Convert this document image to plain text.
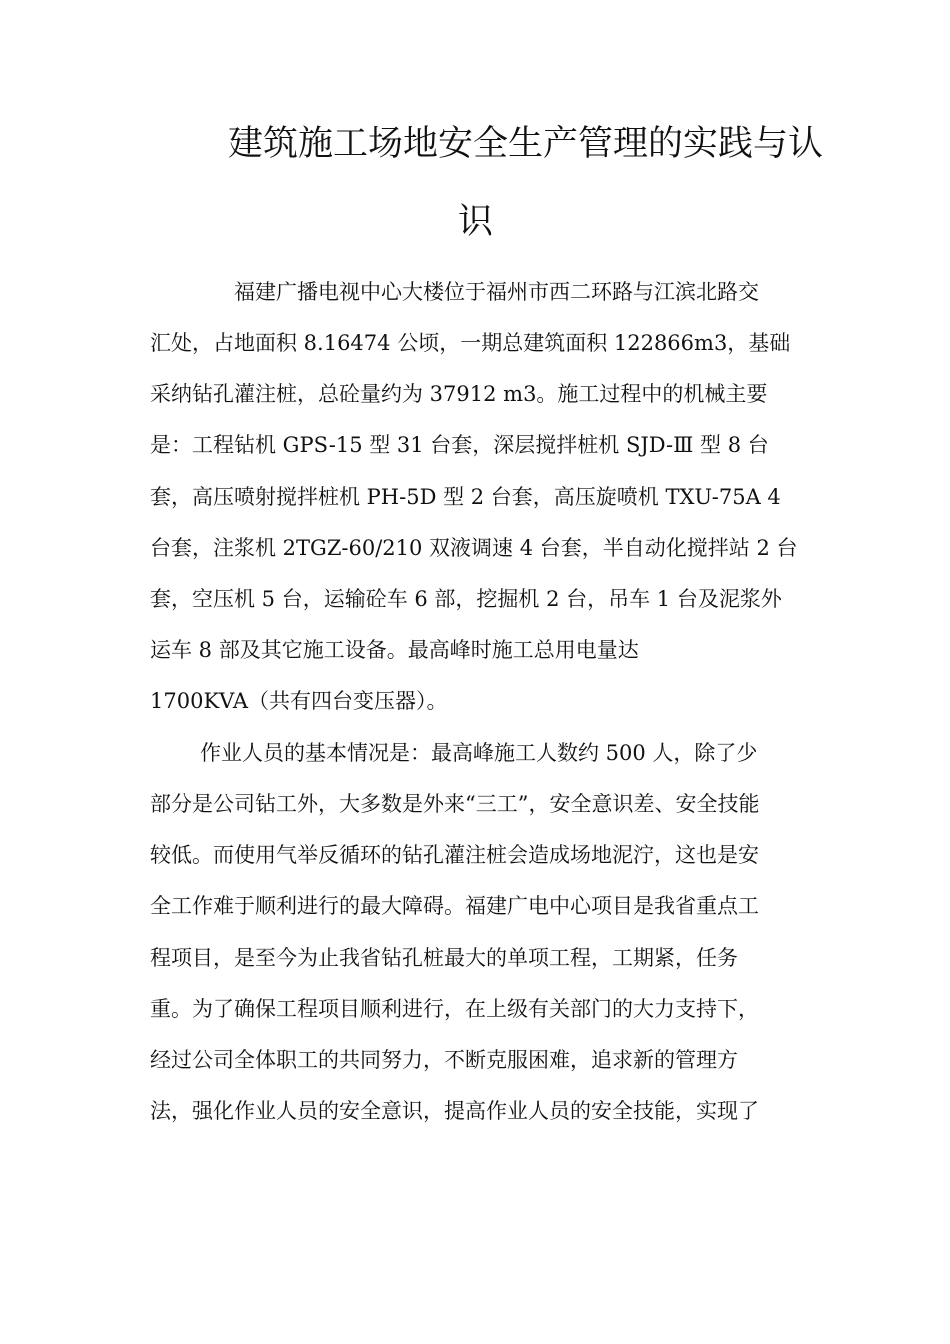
建筑施工场地安全生产管理的实践与认
识
福建广播电视中心大楼位于福州市西二环路与江滨北路交
汇处，占地面积 8.16474 公顷，一期总建筑面积 122866m3，基础
采纳钻孔灌注桩，总砼量约为 37912 m3。施工过程中的机械主要
是：工程钻机 GPS-15 型 31 台套，深层搅拌桩机 SJD-Ⅲ 型 8 台
套，高压喷射搅拌桩机 PH-5D 型 2 台套，高压旋喷机 TXU-75A 4
台套，注浆机 2TGZ-60/210 双液调速 4 台套，半自动化搅拌站 2 台
套，空压机 5 台，运输砼车 6 部，挖掘机 2 台，吊车 1 台及泥浆外
运车 8 部及其它施工设备。最高峰时施工总用电量达
1700KVA（共有四台变压器）。
作业人员的基本情况是：最高峰施工人数约 500 人，除了少
部分是公司钻工外，大多数是外来“三工”，安全意识差、安全技能
较低。而使用气举反循环的钻孔灌注桩会造成场地泥泞，这也是安
全工作难于顺利进行的最大障碍。福建广电中心项目是我省重点工
程项目，是至今为止我省钻孔桩最大的单项工程，工期紧，任务
重。为了确保工程项目顺利进行，在上级有关部门的大力支持下，
经过公司全体职工的共同努力，不断克服困难，追求新的管理方
法，强化作业人员的安全意识，提高作业人员的安全技能，实现了
